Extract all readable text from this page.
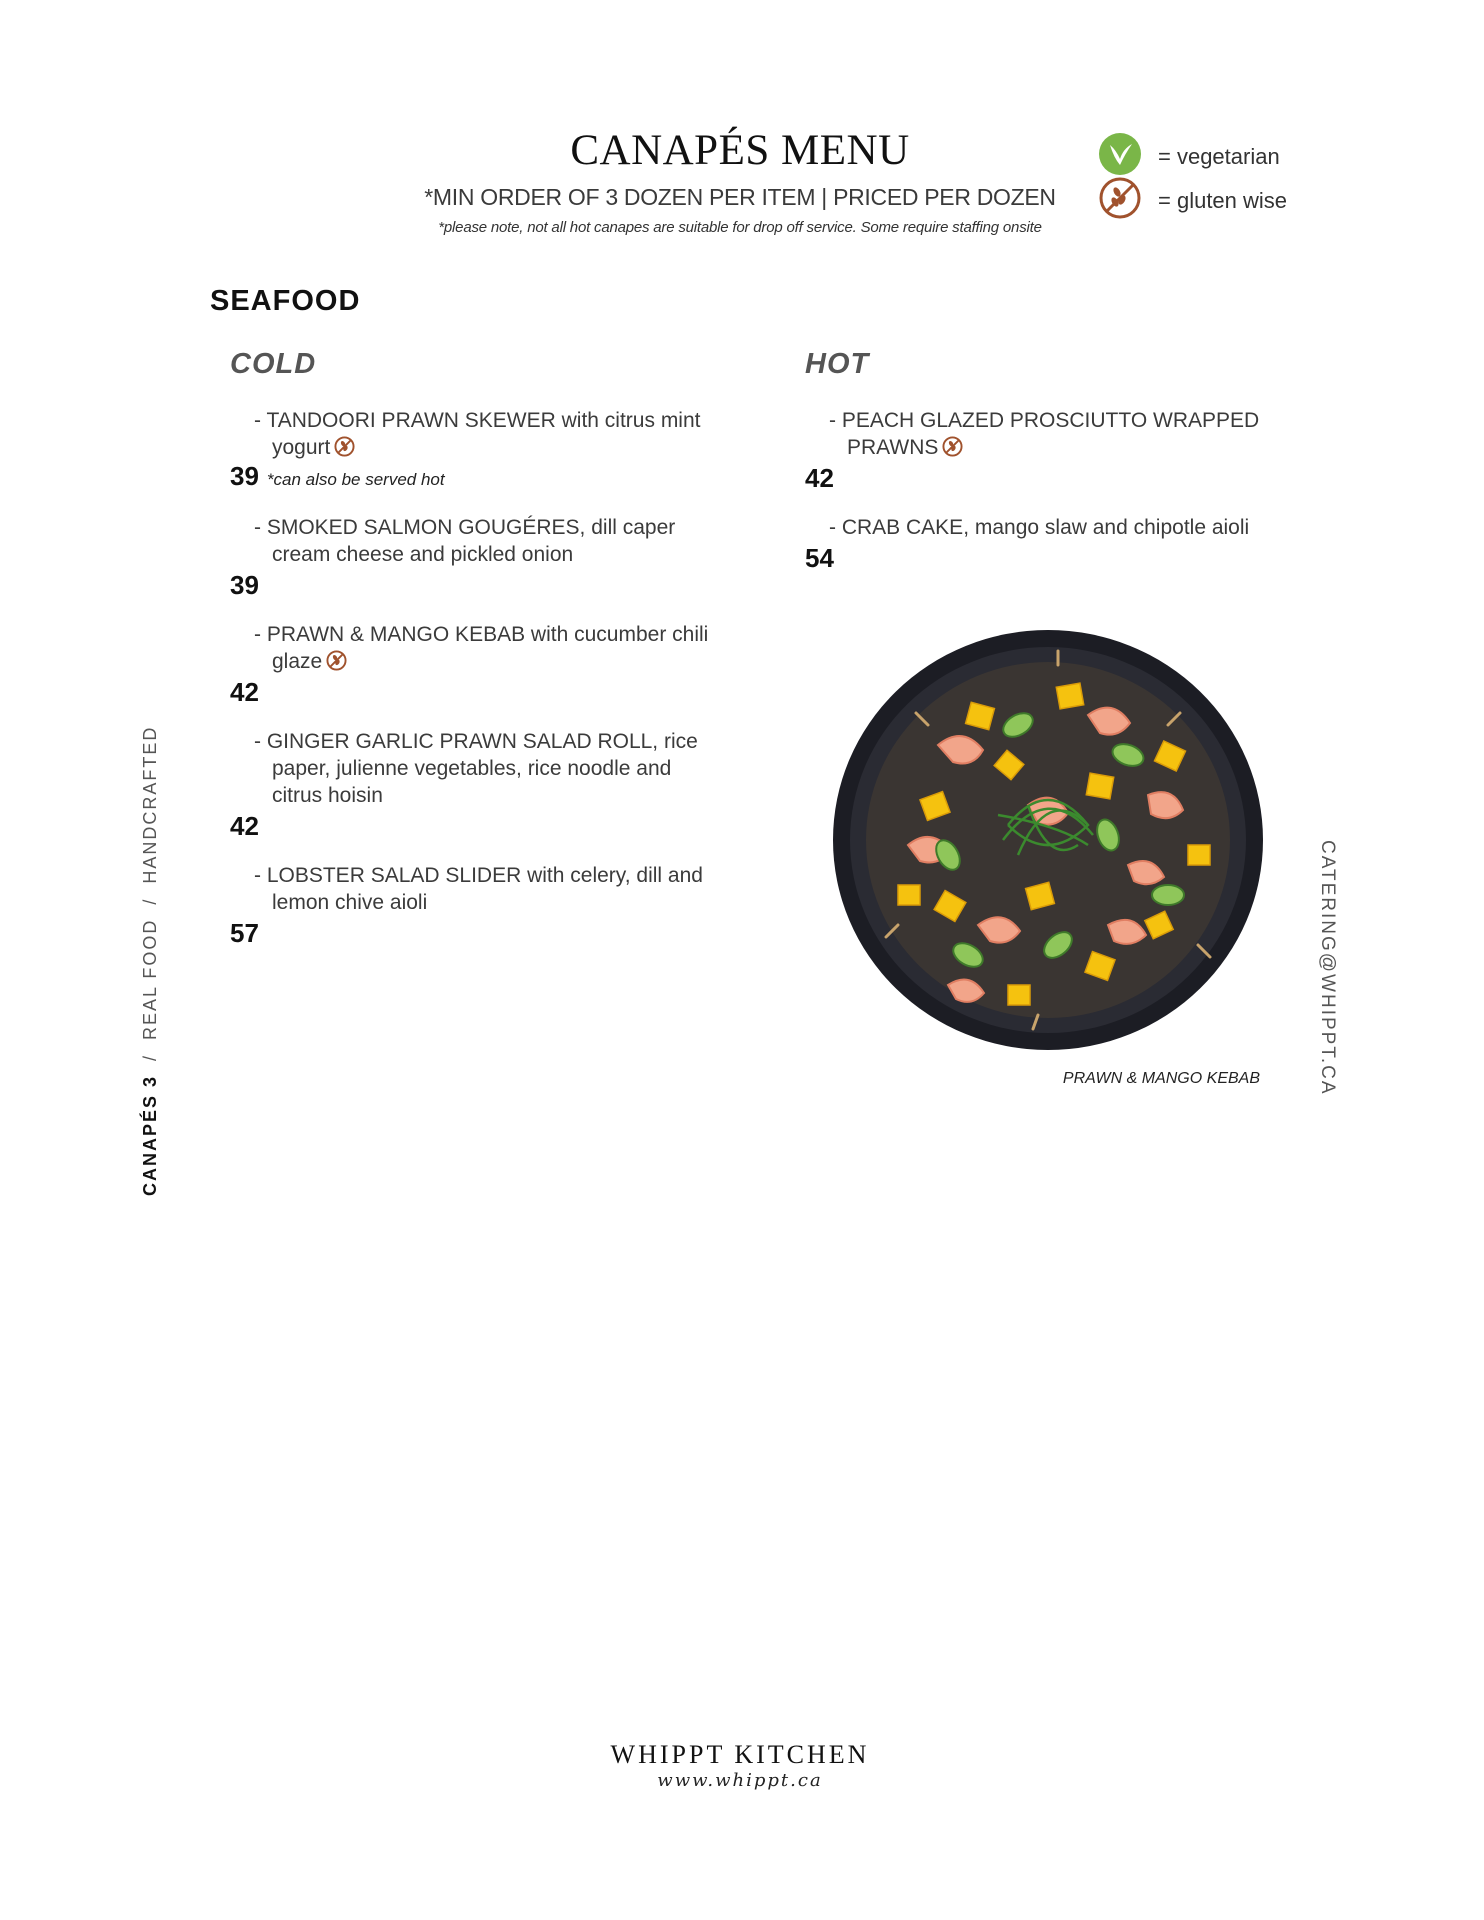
CANAPÉS MENU
*MIN ORDER OF 3 DOZEN PER ITEM | PRICED PER DOZEN
*please note, not all hot canapes are suitable for drop off service. Some require staffing onsite
= vegetarian
= gluten wise
SEAFOOD
COLD	HOT
- TANDOORI PRAWN SKEWER with citrus mint yogurt
39 *can also be served hot
- SMOKED SALMON GOUGÉRES, dill caper cream cheese and pickled onion
39
- PRAWN & MANGO KEBAB with cucumber chili glaze
42
- GINGER GARLIC PRAWN SALAD ROLL, rice paper, julienne vegetables, rice noodle and citrus hoisin
42
- LOBSTER SALAD SLIDER with celery, dill and lemon chive aioli
57
- PEACH GLAZED PROSCIUTTO WRAPPED PRAWNS
42
- CRAB CAKE, mango slaw and chipotle aioli
54
PRAWN & MANGO KEBAB
CANAPÉS 3  /  REAL FOOD  /  HANDCRAFTED	CATERING@WHIPPT.CA
WHIPPT KITCHEN
www.whippt.ca
